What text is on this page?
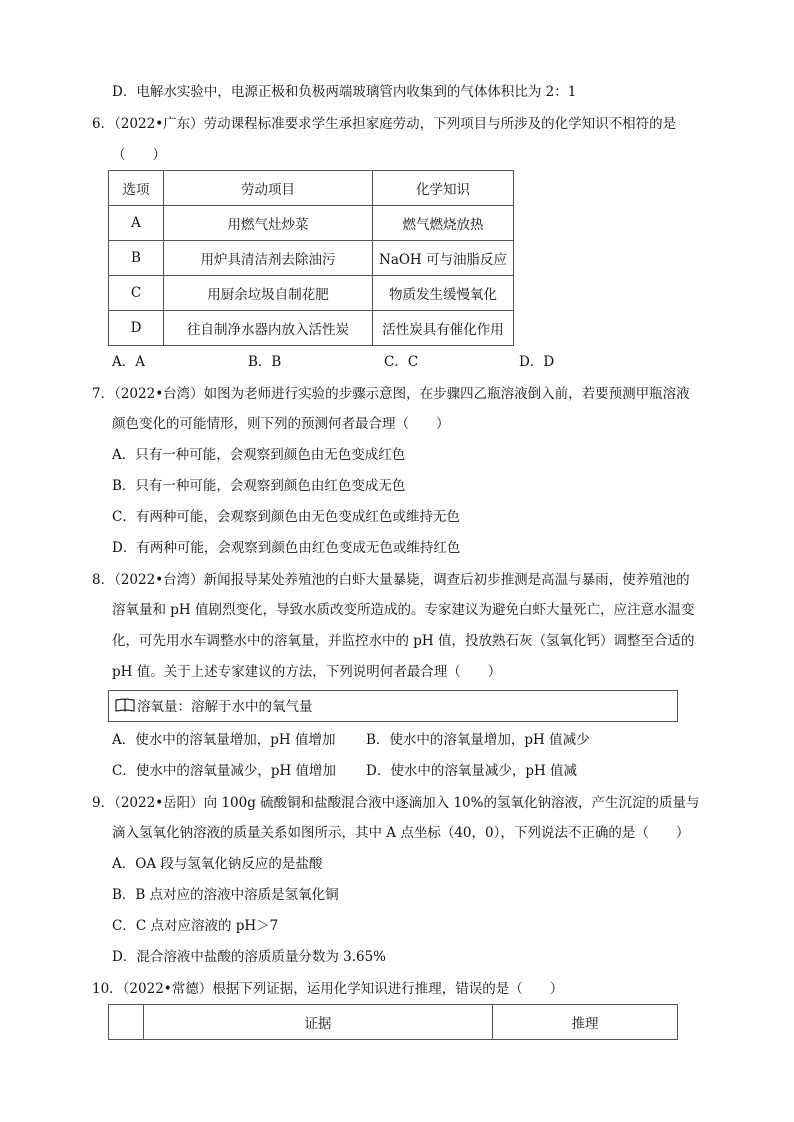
D．电解水实验中，电源正极和负极两端玻璃管内收集到的气体体积比为 2：1
6．（2022•广东）劳动课程标准要求学生承担家庭劳动，下列项目与所涉及的化学知识不相符的是
（　　）
选项	劳动项目	化学知识
A	用燃气灶炒菜	燃气燃烧放热
B	用炉具清洁剂去除油污	NaOH 可与油脂反应
C	用厨余垃圾自制花肥	物质发生缓慢氧化
D	往自制净水器内放入活性炭	活性炭具有催化作用
A．A	B．B	C．C	D．D
7．（2022•台湾）如图为老师进行实验的步骤示意图，在步骤四乙瓶溶液倒入前，若要预测甲瓶溶液
颜色变化的可能情形，则下列的预测何者最合理（　　）
A．只有一种可能，会观察到颜色由无色变成红色
B．只有一种可能，会观察到颜色由红色变成无色
C．有两种可能，会观察到颜色由无色变成红色或维持无色
D．有两种可能，会观察到颜色由红色变成无色或维持红色
8．（2022•台湾）新闻报导某处养殖池的白虾大量暴毙，调查后初步推测是高温与暴雨，使养殖池的
溶氧量和 pH 值剧烈变化，导致水质改变所造成的。专家建议为避免白虾大量死亡，应注意水温变
化，可先用水车调整水中的溶氧量，并监控水中的 pH 值，投放熟石灰（氢氧化钙）调整至合适的
pH 值。关于上述专家建议的方法，下列说明何者最合理（　　）
溶氧量：溶解于水中的氧气量
A．使水中的溶氧量增加，pH 值增加 B．使水中的溶氧量增加，pH 值减少
C．使水中的溶氧量减少，pH 值增加 D．使水中的溶氧量减少，pH 值减
9．（2022•岳阳）向 100g 硫酸铜和盐酸混合液中逐滴加入 10%的氢氧化钠溶液，产生沉淀的质量与
滴入氢氧化钠溶液的质量关系如图所示，其中 A 点坐标（40，0），下列说法不正确的是（　　）
A．OA 段与氢氧化钠反应的是盐酸
B．B 点对应的溶液中溶质是氢氧化铜
C．C 点对应溶液的 pH＞7
D．混合溶液中盐酸的溶质质量分数为 3.65%
10．（2022•常德）根据下列证据，运用化学知识进行推理，错误的是（　　）
	证据	推理
